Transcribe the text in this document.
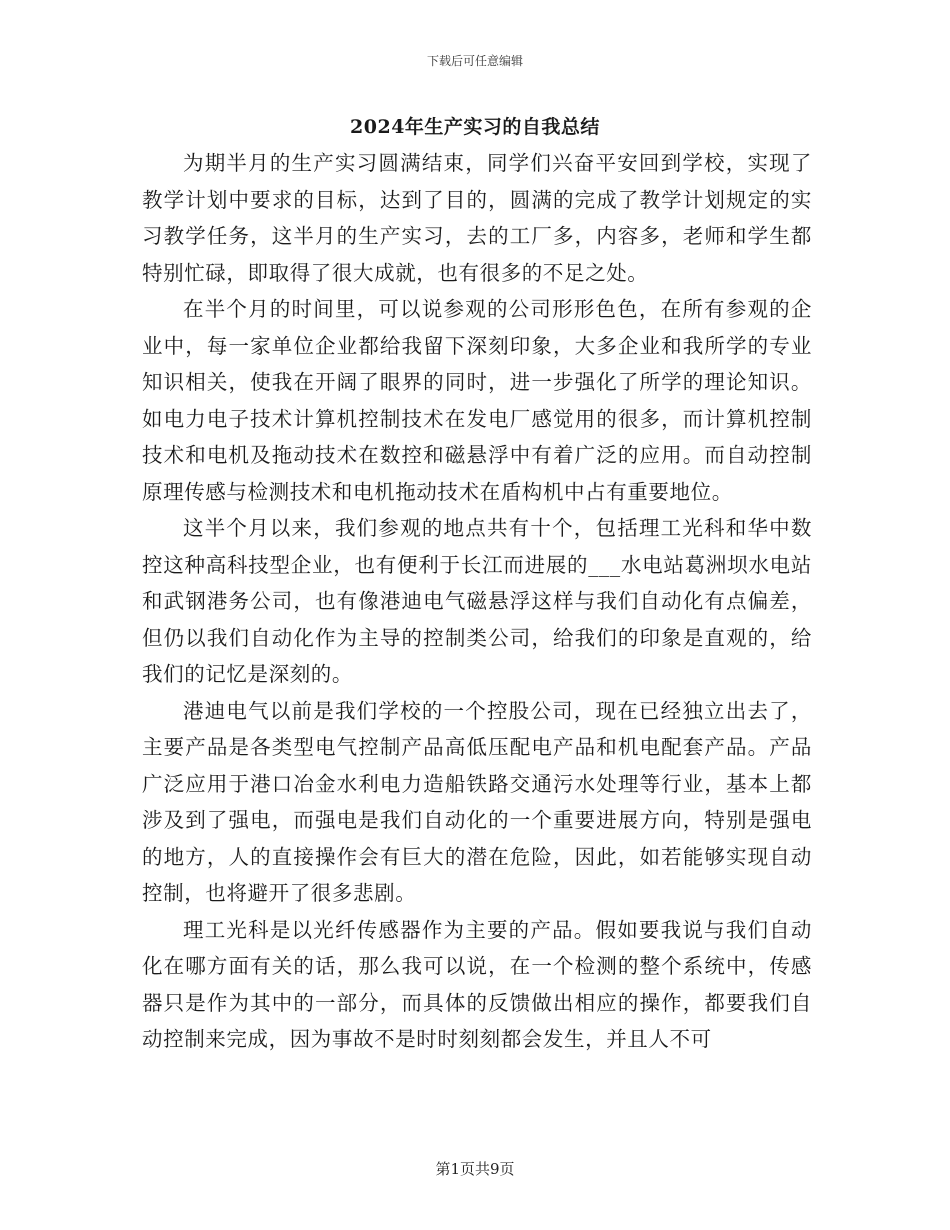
下载后可任意编辑
2024年生产实习的自我总结

为期半月的生产实习圆满结束，同学们兴奋平安回到学校，实现了教学计划中要求的目标，达到了目的，圆满的完成了教学计划规定的实习教学任务，这半月的生产实习，去的工厂多，内容多，老师和学生都特别忙碌，即取得了很大成就，也有很多的不足之处。

在半个月的时间里，可以说参观的公司形形色色，在所有参观的企业中，每一家单位企业都给我留下深刻印象，大多企业和我所学的专业知识相关，使我在开阔了眼界的同时，进一步强化了所学的理论知识。如电力电子技术计算机控制技术在发电厂感觉用的很多，而计算机控制技术和电机及拖动技术在数控和磁悬浮中有着广泛的应用。而自动控制原理传感与检测技术和电机拖动技术在盾构机中占有重要地位。

这半个月以来，我们参观的地点共有十个，包括理工光科和华中数控这种高科技型企业，也有便利于长江而进展的___水电站葛洲坝水电站和武钢港务公司，也有像港迪电气磁悬浮这样与我们自动化有点偏差，但仍以我们自动化作为主导的控制类公司，给我们的印象是直观的，给我们的记忆是深刻的。

港迪电气以前是我们学校的一个控股公司，现在已经独立出去了，主要产品是各类型电气控制产品高低压配电产品和机电配套产品。产品广泛应用于港口冶金水利电力造船铁路交通污水处理等行业，基本上都涉及到了强电，而强电是我们自动化的一个重要进展方向，特别是强电的地方，人的直接操作会有巨大的潜在危险，因此，如若能够实现自动控制，也将避开了很多悲剧。

理工光科是以光纤传感器作为主要的产品。假如要我说与我们自动化在哪方面有关的话，那么我可以说，在一个检测的整个系统中，传感器只是作为其中的一部分，而具体的反馈做出相应的操作，都要我们自动控制来完成，因为事故不是时时刻刻都会发生，并且人不可

第1页共9页
